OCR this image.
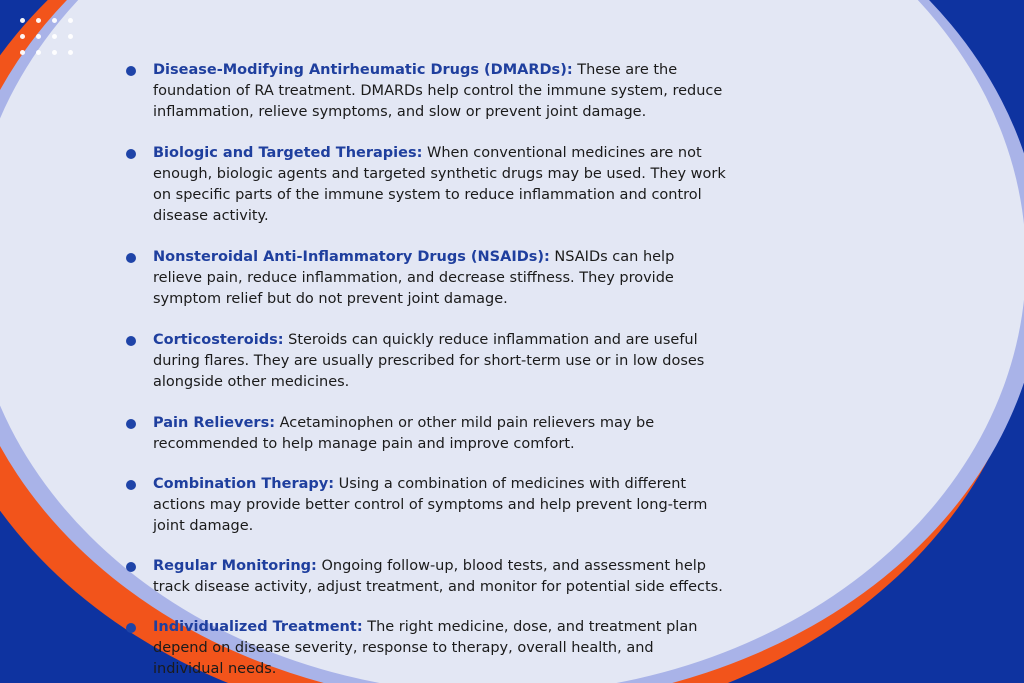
Disease-Modifying Antirheumatic Drugs (DMARDs): These are the foundation of RA treatment. DMARDs help control the immune system, reduce inflammation, relieve symptoms, and slow or prevent joint damage.
Biologic and Targeted Therapies: When conventional medicines are not enough, biologic agents and targeted synthetic drugs may be used. They work on specific parts of the immune system to reduce inflammation and control disease activity.
Nonsteroidal Anti-Inflammatory Drugs (NSAIDs): NSAIDs can help relieve pain, reduce inflammation, and decrease stiffness. They provide symptom relief but do not prevent joint damage.
Corticosteroids: Steroids can quickly reduce inflammation and are useful during flares. They are usually prescribed for short-term use or in low doses alongside other medicines.
Pain Relievers: Acetaminophen or other mild pain relievers may be recommended to help manage pain and improve comfort.
Combination Therapy: Using a combination of medicines with different actions may provide better control of symptoms and help prevent long-term joint damage.
Regular Monitoring: Ongoing follow-up, blood tests, and assessment help track disease activity, adjust treatment, and monitor for potential side effects.
Individualized Treatment: The right medicine, dose, and treatment plan depend on disease severity, response to therapy, overall health, and individual needs.
